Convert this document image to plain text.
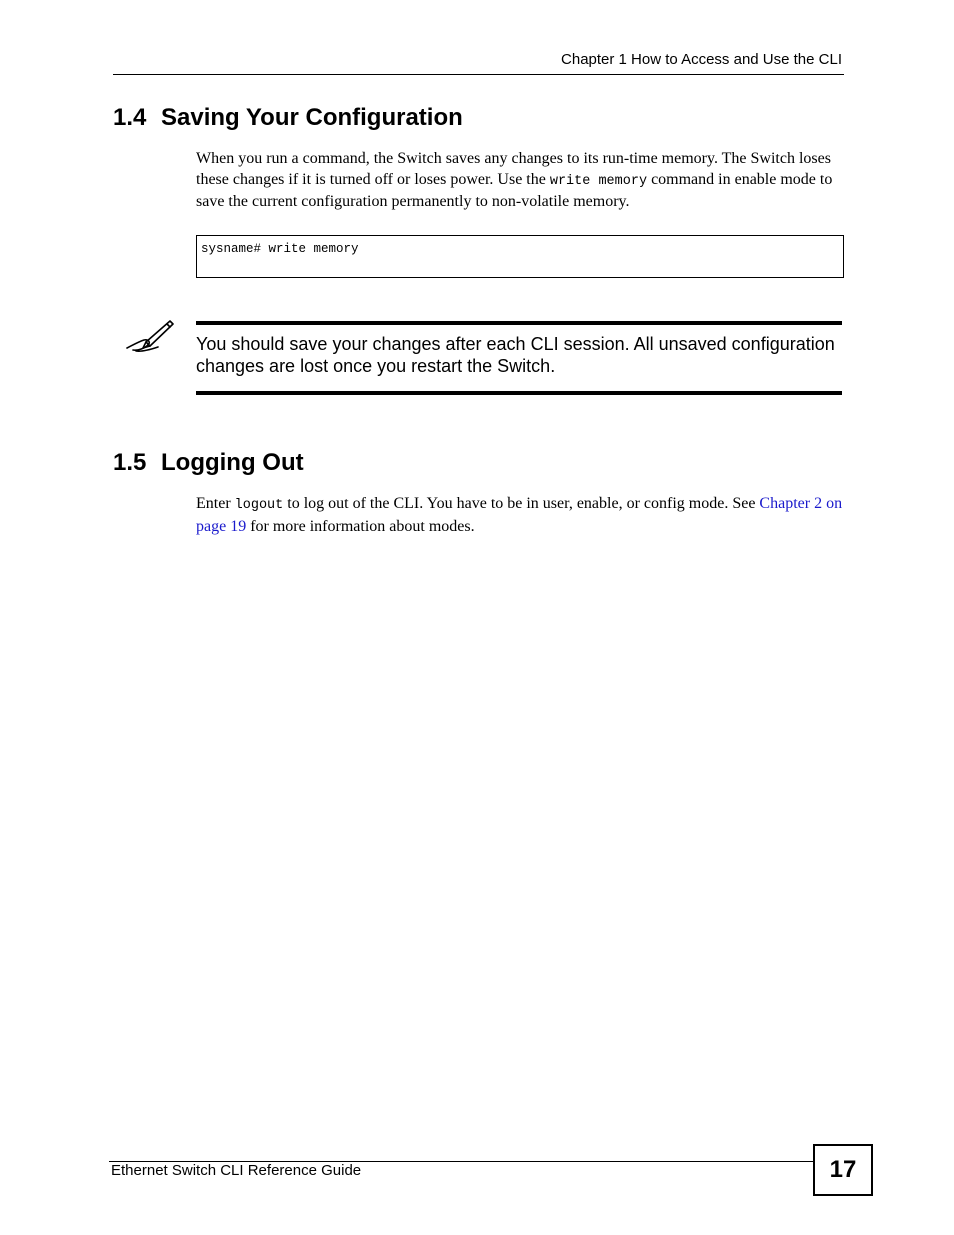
Chapter 1 How to Access and Use the CLI
1.4 Saving Your Configuration

When you run a command, the Switch saves any changes to its run-time memory. The Switch loses these changes if it is turned off or loses power. Use the write memory command in enable mode to save the current configuration permanently to non-volatile memory.

sysname# write memory

You should save your changes after each CLI session. All unsaved configuration changes are lost once you restart the Switch.

1.5 Logging Out

Enter logout to log out of the CLI. You have to be in user, enable, or config mode. See Chapter 2 on page 19 for more information about modes.

Ethernet Switch CLI Reference Guide	17
